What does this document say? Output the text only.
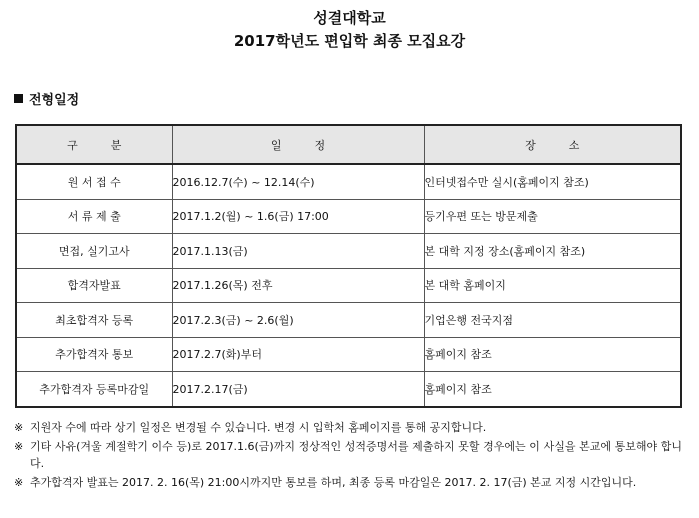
성결대학교
2017학년도 편입학 최종 모집요강
전형일정
구　　　분	일　　　정	장　　　소
원 서 접 수	2016.12.7(수) ~ 12.14(수)	인터넷접수만 실시(홈페이지 참조)
서 류 제 출	2017.1.2(월) ~ 1.6(금) 17:00	등기우편 또는 방문제출
면접, 실기고사	2017.1.13(금)	본 대학 지정 장소(홈페이지 참조)
합격자발표	2017.1.26(목) 전후	본 대학 홈페이지
최초합격자 등록	2017.2.3(금) ~ 2.6(월)	기업은행 전국지점
추가합격자 통보	2017.2.7(화)부터	홈페이지 참조
추가합격자 등록마감일	2017.2.17(금)	홈페이지 참조
※ 지원자 수에 따라 상기 일정은 변경될 수 있습니다. 변경 시 입학처 홈페이지를 통해 공지합니다.
※ 기타 사유(겨울 계절학기 이수 등)로 2017.1.6(금)까지 정상적인 성적증명서를 제출하지 못할 경우에는 이 사실을 본교에 통보해야 합니다.
※ 추가합격자 발표는 2017. 2. 16(목) 21:00시까지만 통보를 하며, 최종 등록 마감일은 2017. 2. 17(금) 본교 지정 시간입니다.
